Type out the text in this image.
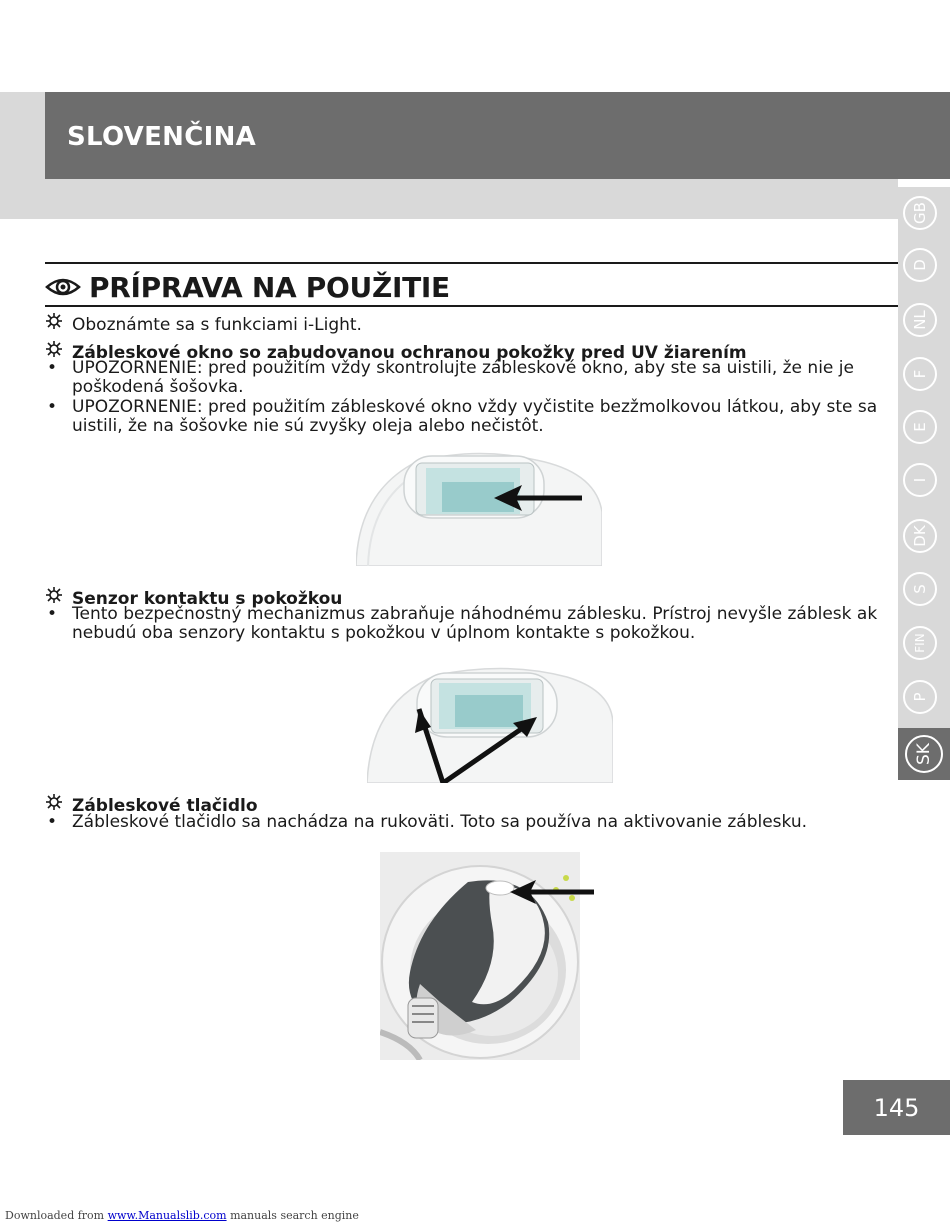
SLOVENČINA
GB
D
NL
F
E
I
DK
S
FIN
P
SK
PRÍPRAVA NA POUŽITIE
Oboznámte sa s funkciami i-Light.
Zábleskové okno so zabudovanou ochranou pokožky pred UV žiarením
• UPOZORNENIE: pred použitím vždy skontrolujte zábleskové okno, aby ste sa uistili, že nie je
poškodená šošovka.
• UPOZORNENIE: pred použitím zábleskové okno vždy vyčistite bezžmolkovou látkou, aby ste sa
uistili, že na šošovke nie sú zvyšky oleja alebo nečistôt.
Senzor kontaktu s pokožkou
• Tento bezpečnostný mechanizmus zabraňuje náhodnému záblesku. Prístroj nevyšle záblesk ak
nebudú oba senzory kontaktu s pokožkou v úplnom kontakte s pokožkou.
Zábleskové tlačidlo
• Zábleskové tlačidlo sa nachádza na rukoväti. Toto sa používa na aktivovanie záblesku.
145
Downloaded from www.Manualslib.com manuals search engine
